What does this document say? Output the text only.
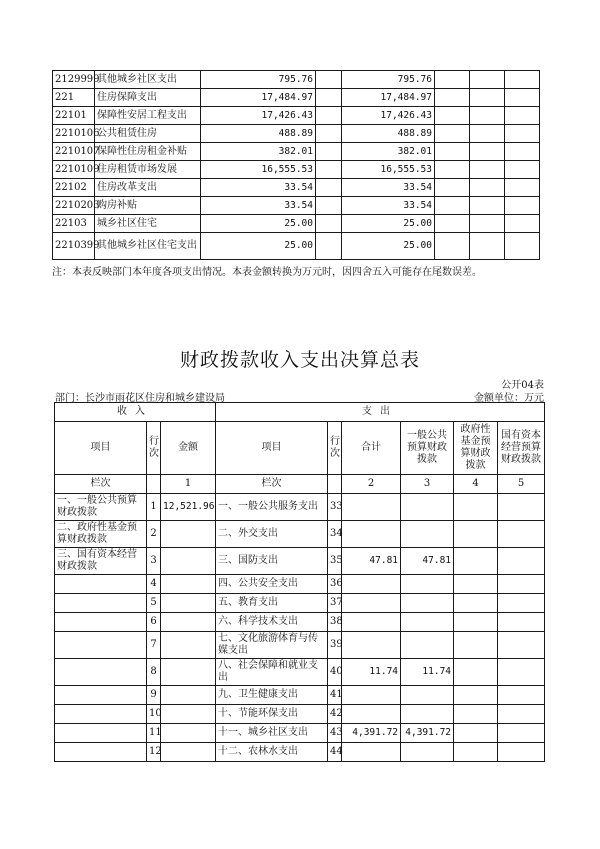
2129999	其他城乡社区支出	795.76		795.76			
221	住房保障支出	17,484.97		17,484.97			
22101	保障性安居工程支出	17,426.43		17,426.43			
2210106	公共租赁住房	488.89		488.89			
2210107	保障性住房租金补贴	382.01		382.01			
2210109	住房租赁市场发展	16,555.53		16,555.53			
22102	住房改革支出	33.54		33.54			
2210203	购房补贴	33.54		33.54			
22103	城乡社区住宅	25.00		25.00			
2210399	其他城乡社区住宅支出	25.00		25.00			
注：本表反映部门本年度各项支出情况。本表金额转换为万元时，因四舍五入可能存在尾数误差。
财政拨款收入支出决算总表
公开04表
部门：长沙市雨花区住房和城乡建设局	金额单位：万元
收入			支出					
项目	行次	金额	项目	行次	合计	一般公共预算财政拨款	政府性基金预算财政拨款	国有资本经营预算财政拨款
栏次		1	栏次		2	3	4	5
一、一般公共预算财政拨款	1	12,521.96	一、一般公共服务支出	33				
二、政府性基金预算财政拨款	2		二、外交支出	34				
三、国有资本经营财政拨款	3		三、国防支出	35	47.81	47.81		
	4		四、公共安全支出	36				
	5		五、教育支出	37				
	6		六、科学技术支出	38				
	7		七、文化旅游体育与传媒支出	39				
	8		八、社会保障和就业支出	40	11.74	11.74		
	9		九、卫生健康支出	41				
	10		十、节能环保支出	42				
	11		十一、城乡社区支出	43	4,391.72	4,391.72		
	12		十二、农林水支出	44				
